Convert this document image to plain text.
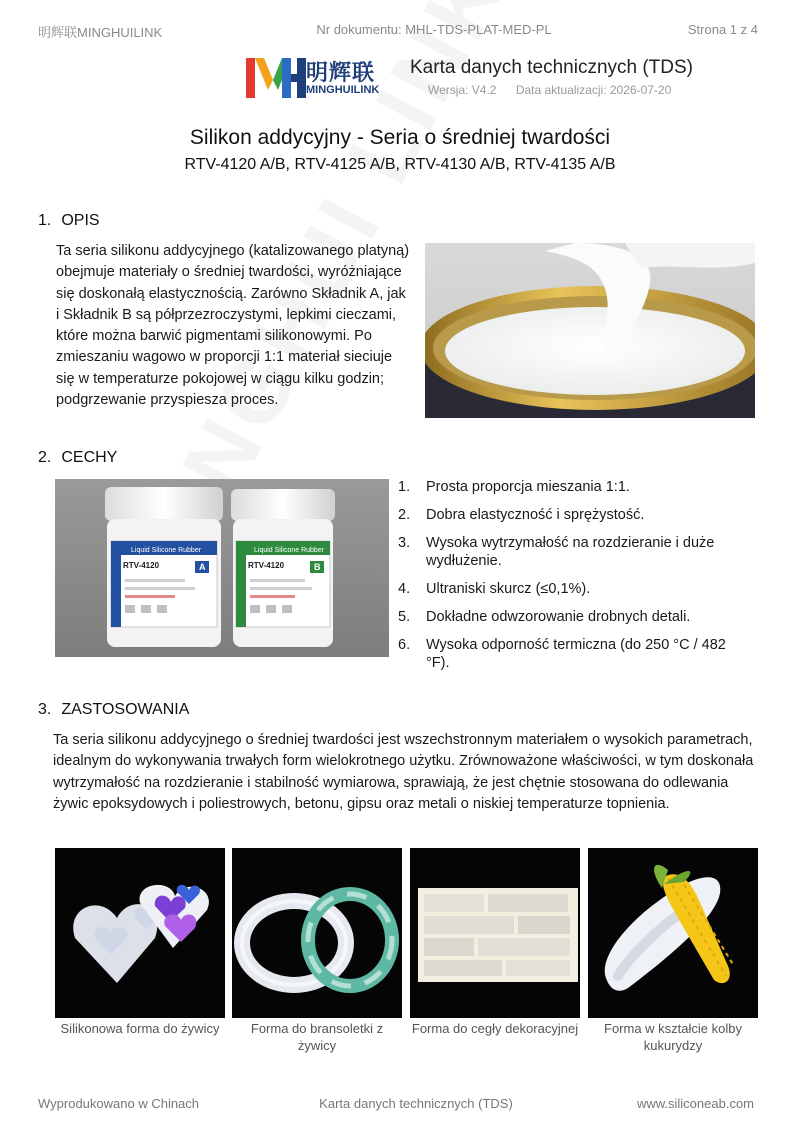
明辉联MINGHUILINK	Nr dokumentu: MHL-TDS-PLAT-MED-PL	Strona 1 z 4
MH
明辉联
MINGHUILINK
Karta danych technicznych (TDS)
Wersja: V4.2 Data aktualizacji: 2026-07-20
Silikon addycyjny - Seria o średniej twardości
RTV-4120 A/B, RTV-4125 A/B, RTV-4130 A/B, RTV-4135 A/B
1. OPIS
Ta seria silikonu addycyjnego (katalizowanego platyną) obejmuje materiały o średniej twardości, wyróżniające się doskonałą elastycznością. Zarówno Składnik A, jak i Składnik B są półprzezroczystymi, lepkimi cieczami, które można barwić pigmentami silikonowymi. Po zmieszaniu wagowo w proporcji 1:1 materiał sieciuje się w temperaturze pokojowej w ciągu kilku godzin; podgrzewanie przyspiesza proces.
2. CECHY
Liquid Silicone Rubber
RTV-4120	A
Liquid Silicone Rubber
RTV-4120	B
1. Prosta proporcja mieszania 1:1.
2. Dobra elastyczność i sprężystość.
3. Wysoka wytrzymałość na rozdzieranie i duże wydłużenie.
4. Ultraniski skurcz (≤0,1%).
5. Dokładne odwzorowanie drobnych detali.
6. Wysoka odporność termiczna (do 250 °C / 482 °F).
3. ZASTOSOWANIA
Ta seria silikonu addycyjnego o średniej twardości jest wszechstronnym materiałem o wysokich parametrach, idealnym do wykonywania trwałych form wielokrotnego użytku. Zrównoważone właściwości, w tym doskonała wytrzymałość na rozdzieranie i stabilność wymiarowa, sprawiają, że jest chętnie stosowana do odlewania żywic epoksydowych i poliestrowych, betonu, gipsu oraz metali o niskiej temperaturze topnienia.
Silikonowa forma do żywicy	Forma do bransoletki z żywicy
Forma do cegły dekoracyjnej	Forma w kształcie kolby kukurydzy
Wyprodukowano w Chinach	Karta danych technicznych (TDS)	www.siliconeab.com
